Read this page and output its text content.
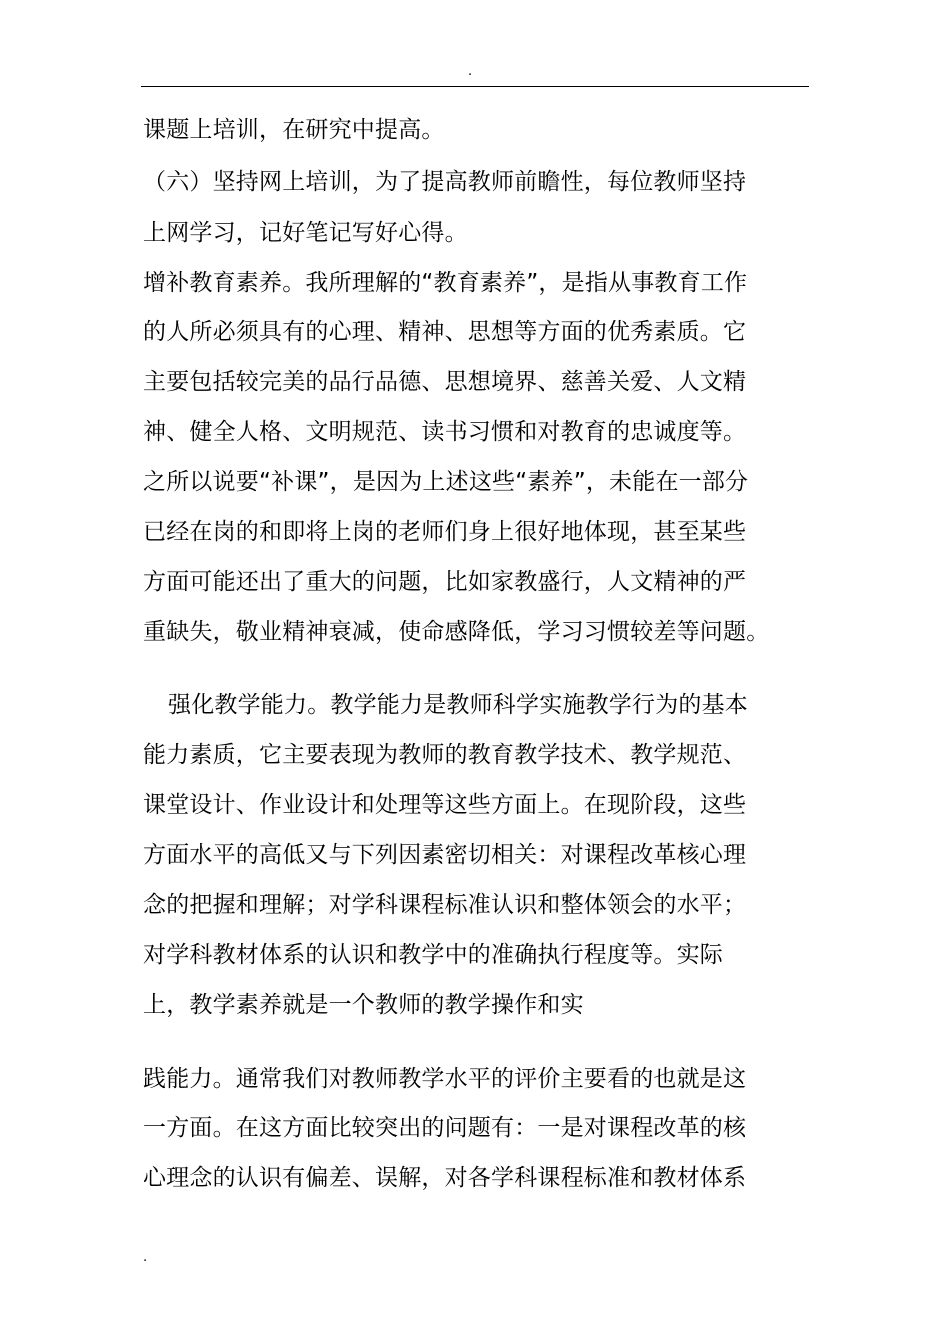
.
课题上培训，在研究中提高。
（六）坚持网上培训，为了提高教师前瞻性，每位教师坚持
上网学习，记好笔记写好心得。
增补教育素养。我所理解的“教育素养”，是指从事教育工作
的人所必须具有的心理、精神、思想等方面的优秀素质。它
主要包括较完美的品行品德、思想境界、慈善关爱、人文精
神、健全人格、文明规范、读书习惯和对教育的忠诚度等。
之所以说要“补课”，是因为上述这些“素养”，未能在一部分
已经在岗的和即将上岗的老师们身上很好地体现，甚至某些
方面可能还出了重大的问题，比如家教盛行，人文精神的严
重缺失，敬业精神衰减，使命感降低，学习习惯较差等问题。
强化教学能力。教学能力是教师科学实施教学行为的基本
能力素质，它主要表现为教师的教育教学技术、教学规范、
课堂设计、作业设计和处理等这些方面上。在现阶段，这些
方面水平的高低又与下列因素密切相关：对课程改革核心理
念的把握和理解；对学科课程标准认识和整体领会的水平；
对学科教材体系的认识和教学中的准确执行程度等。实际
上，教学素养就是一个教师的教学操作和实
践能力。通常我们对教师教学水平的评价主要看的也就是这
一方面。在这方面比较突出的问题有：一是对课程改革的核
心理念的认识有偏差、误解，对各学科课程标准和教材体系
.
